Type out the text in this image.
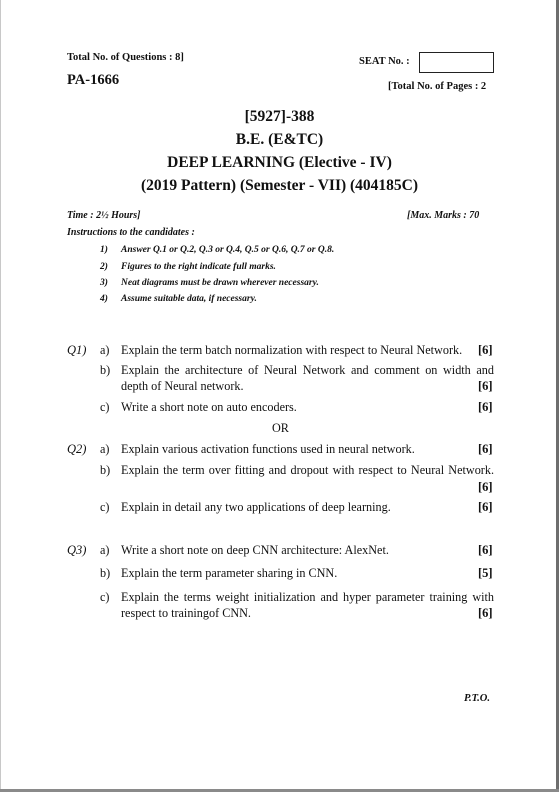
Total No. of Questions : 8]	SEAT No. :
PA-1666	[Total No. of Pages : 2
[5927]-388
B.E. (E&TC)
DEEP LEARNING (Elective - IV)
(2019 Pattern) (Semester - VII) (404185C)
Time : 2½ Hours]	[Max. Marks : 70
Instructions to the candidates :
1) Answer Q.1 or Q.2, Q.3 or Q.4, Q.5 or Q.6, Q.7 or Q.8.
2) Figures to the right indicate full marks.
3) Neat diagrams must be drawn wherever necessary.
4) Assume suitable data, if necessary.
Q1) a) Explain the term batch normalization with respect to Neural Network. [6]
b) Explain the architecture of Neural Network and comment on width and
depth of Neural network.	[6]
c) Write a short note on auto encoders.	[6]
OR
Q2) a) Explain various activation functions used in neural network.	[6]
b) Explain the term over fitting and dropout with respect to Neural Network.
[6]
c) Explain in detail any two applications of deep learning.	[6]
Q3) a) Write a short note on deep CNN architecture: AlexNet.	[6]
b) Explain the term parameter sharing in CNN.	[5]
c) Explain the terms weight initialization and hyper parameter training with
respect to trainingof CNN.	[6]
P.T.O.
